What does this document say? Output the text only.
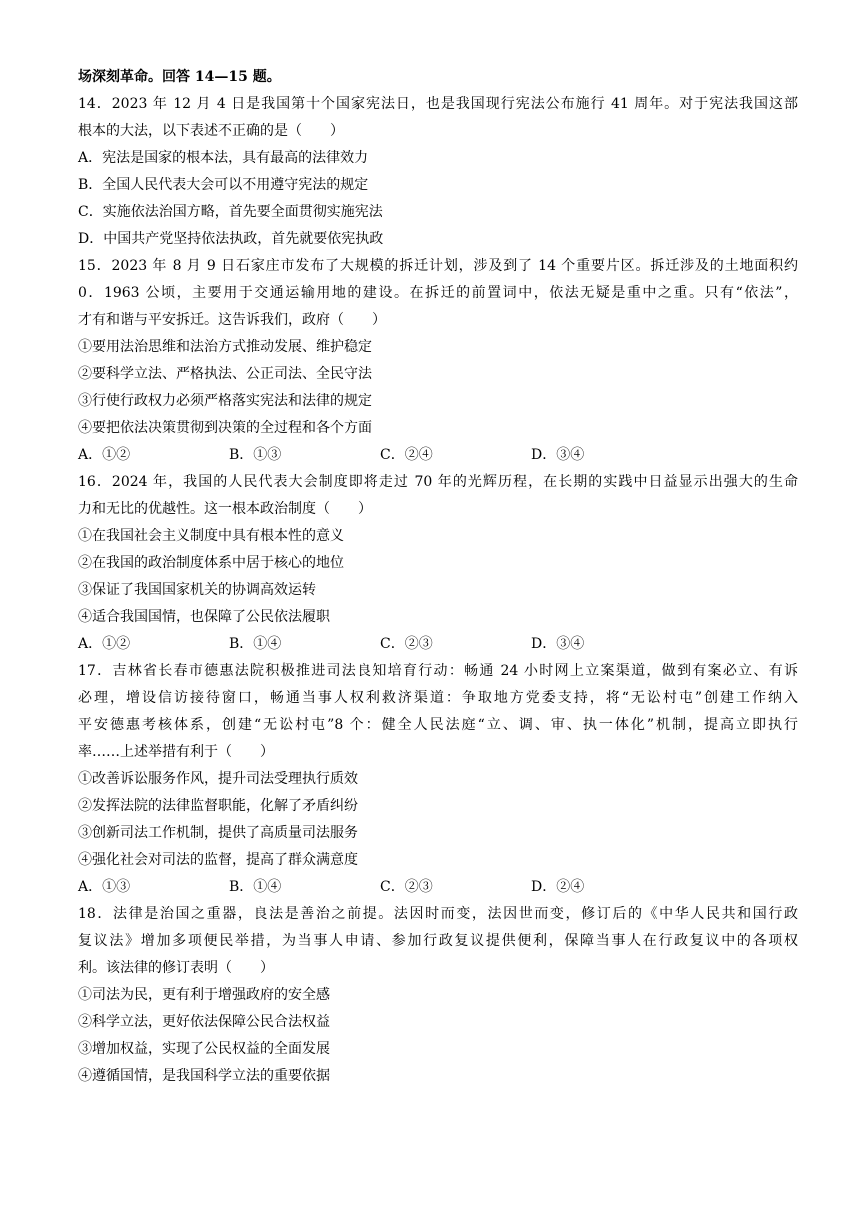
场深刻革命。回答 14—15 题。
14．2023 年 12 月 4 日是我国第十个国家宪法日，也是我国现行宪法公布施行 41 周年。对于宪法我国这部
根本的大法，以下表述不正确的是（　　）
A．宪法是国家的根本法，具有最高的法律效力
B．全国人民代表大会可以不用遵守宪法的规定
C．实施依法治国方略，首先要全面贯彻实施宪法
D．中国共产党坚持依法执政，首先就要依宪执政
15．2023 年 8 月 9 日石家庄市发布了大规模的拆迁计划，涉及到了 14 个重要片区。拆迁涉及的土地面积约
0．1963 公顷，主要用于交通运输用地的建设。在拆迁的前置词中，依法无疑是重中之重。只有“依法”，
才有和谐与平安拆迁。这告诉我们，政府（　　）
①要用法治思维和法治方式推动发展、维护稳定
②要科学立法、严格执法、公正司法、全民守法
③行使行政权力必须严格落实宪法和法律的规定
④要把依法决策贯彻到决策的全过程和各个方面
A．①②	B．①③	C．②④	D．③④
16．2024 年，我国的人民代表大会制度即将走过 70 年的光辉历程，在长期的实践中日益显示出强大的生命
力和无比的优越性。这一根本政治制度（　　）
①在我国社会主义制度中具有根本性的意义
②在我国的政治制度体系中居于核心的地位
③保证了我国国家机关的协调高效运转
④适合我国国情，也保障了公民依法履职
A．①②	B．①④	C．②③	D．③④
17．吉林省长春市德惠法院积极推进司法良知培育行动：畅通 24 小时网上立案渠道，做到有案必立、有诉
必理，增设信访接待窗口，畅通当事人权利救济渠道：争取地方党委支持，将“无讼村屯”创建工作纳入
平安德惠考核体系，创建“无讼村屯”8 个：健全人民法庭“立、调、审、执一体化”机制，提高立即执行
率……上述举措有利于（　　）
①改善诉讼服务作风，提升司法受理执行质效
②发挥法院的法律监督职能，化解了矛盾纠纷
③创新司法工作机制，提供了高质量司法服务
④强化社会对司法的监督，提高了群众满意度
A．①③	B．①④	C．②③	D．②④
18．法律是治国之重器，良法是善治之前提。法因时而变，法因世而变，修订后的《中华人民共和国行政
复议法》增加多项便民举措，为当事人申请、参加行政复议提供便利，保障当事人在行政复议中的各项权
利。该法律的修订表明（　　）
①司法为民，更有利于增强政府的安全感
②科学立法，更好依法保障公民合法权益
③增加权益，实现了公民权益的全面发展
④遵循国情，是我国科学立法的重要依据
